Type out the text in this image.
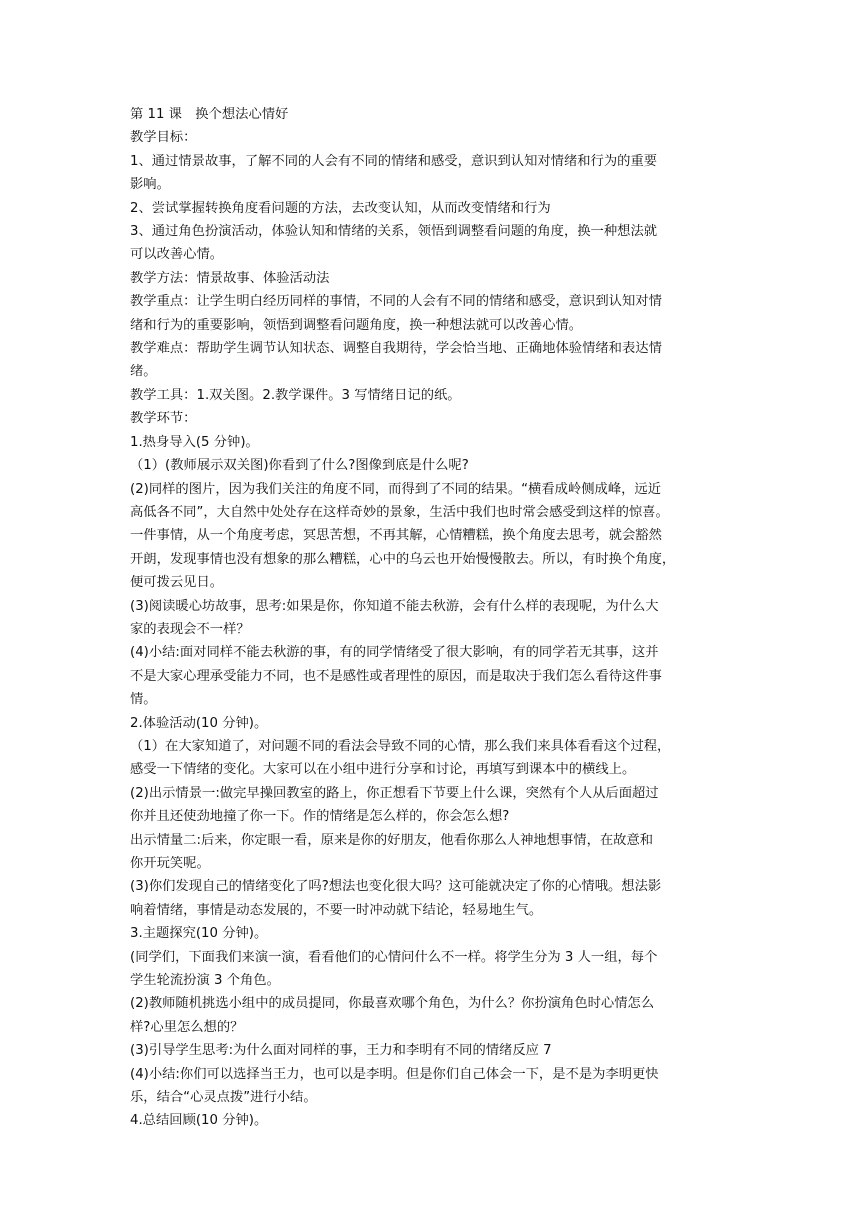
第 11 课　换个想法心情好

教学目标：

1、通过情景故事，了解不同的人会有不同的情绪和感受，意识到认知对情绪和行为的重要

影响。

2、尝试掌握转换角度看问题的方法，去改变认知，从而改变情绪和行为

3、通过角色扮演活动，体验认知和情绪的关系，领悟到调整看问题的角度，换一种想法就

可以改善心情。

教学方法：情景故事、体验活动法

教学重点：让学生明白经历同样的事情，不同的人会有不同的情绪和感受，意识到认知对情

绪和行为的重要影响，领悟到调整看问题角度，换一种想法就可以改善心情。

教学难点：帮助学生调节认知状态、调整自我期待，学会恰当地、正确地体验情绪和表达情

绪。

教学工具：1.双关图。2.教学课件。3 写情绪日记的纸。

教学环节：

1.热身导入(5 分钟)。

（1）(教师展示双关图)你看到了什么?图像到底是什么呢?

(2)同样的图片，因为我们关注的角度不同，而得到了不同的结果。“横看成岭侧成峰，远近

高低各不同”，大自然中处处存在这样奇妙的景象，生活中我们也时常会感受到这样的惊喜。

一件事情，从一个角度考虑，冥思苦想，不再其解，心情糟糕，换个角度去思考，就会豁然

开朗，发现事情也没有想象的那么糟糕，心中的乌云也开始慢慢散去。所以，有时换个角度，

便可拨云见日。

(3)阅读暖心坊故事，思考:如果是你，你知道不能去秋游，会有什么样的表现呢，为什么大

家的表现会不一样？

(4)小结:面对同样不能去秋游的事，有的同学情绪受了很大影响，有的同学若无其事，这并

不是大家心理承受能力不同，也不是感性或者理性的原因，而是取决于我们怎么看待这件事

情。

2.体验活动(10 分钟)。

（1）在大家知道了，对问题不同的看法会导致不同的心情，那么我们来具体看看这个过程，

感受一下情绪的变化。大家可以在小组中进行分享和讨论，再填写到课本中的横线上。

(2)出示情景一:做完早操回教室的路上，你正想看下节要上什么课，突然有个人从后面超过

你并且还使劲地撞了你一下。作的情绪是怎么样的，你会怎么想?

出示情量二:后来，你定眼一看，原来是你的好朋友，他看你那么人神地想事情，在故意和

你开玩笑呢。

(3)你们发现自己的情绪变化了吗?想法也变化很大吗？这可能就决定了你的心情哦。想法影

响着情绪，事情是动态发展的，不要一时冲动就下结论，轻易地生气。

3.主题探究(10 分钟)。

(同学们，下面我们来演一演，看看他们的心情问什么不一样。将学生分为 3 人一组，每个

学生轮流扮演 3 个角色。

(2)教师随机挑选小组中的成员提同，你最喜欢哪个角色，为什么？你扮演角色时心情怎么

样?心里怎么想的？

(3)引导学生思考:为什么面对同样的事，王力和李明有不同的情绪反应 7

(4)小结:你们可以选择当王力，也可以是李明。但是你们自己体会一下，是不是为李明更快

乐，结合“心灵点拨”进行小结。

4.总结回顾(10 分钟)。
